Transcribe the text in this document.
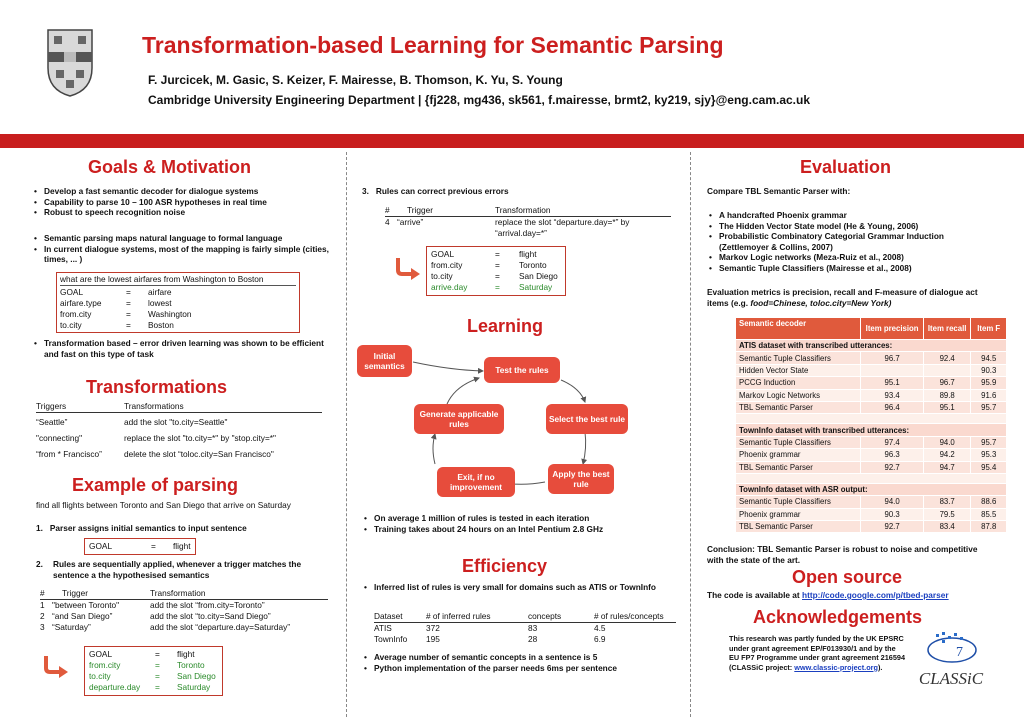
Transformation-based Learning for Semantic Parsing
F. Jurcicek, M. Gasic, S. Keizer, F. Mairesse, B. Thomson, K. Yu, S. Young
Cambridge University Engineering Department | {fj228, mg436, sk561, f.mairesse, brmt2, ky219, sjy}@eng.cam.ac.uk
Goals & Motivation
• Develop a fast semantic decoder for dialogue systems
• Capability to parse 10 – 100 ASR hypotheses in real time
• Robust to speech recognition noise
• Semantic parsing maps natural language to formal language
• In current dialogue systems, most of the mapping is fairly simple (cities, times, ... )
what are the lowest airfares from Washington to Boston
GOAL	=	airfare
airfare.type	=	lowest
from.city	=	Washington
to.city	=	Boston
• Transformation based – error driven learning was shown to be efficient and fast on this type of task
Transformations
Triggers	Transformations
“Seattle”	add the slot "to.city=Seattle"
"connecting"	replace the slot "to.city=*" by "stop.city=*"
“from * Francisco”	delete the slot “toloc.city=San Francisco"
Example of parsing
find all flights between Toronto and San Diego that arrive on Saturday
1. Parser assigns initial semantics to input sentence
GOAL	=	flight
2.	Rules are sequentially applied, whenever a trigger matches the sentence a the hypothesised semantics
#	Trigger	Transformation
1 "between Toronto"	add the slot “from.city=Toronto”
2 “and San Diego”	add the slot “to.city=Sand Diego”
3 “Saturday”	add the slot “departure.day=Saturday”
GOAL	=	flight
from.city	=	Toronto
to.city	=	San Diego
departure.day	=	Saturday
3. Rules can correct previous errors
#	Trigger	Transformation
4 “arrive”	replace the slot “departure.day=*” by “arrival.day=*”
GOAL	=	flight
from.city	=	Toronto
to.city	=	San Diego
arrive.day	=	Saturday
Learning
Initial semantics	Test the rules
Generate applicable rules	Select the best rule
Exit, if no improvement
Apply the best rule
• On average 1 million of rules is tested in each iteration
• Training takes about 24 hours on an Intel Pentium 2.8 GHz
Efficiency
• Inferred list of rules is very small for domains such as ATIS or TownInfo
Dataset	# of inferred rules	concepts	# of rules/concepts
ATIS	372	83	4.5
TownInfo	195	28	6.9
• Average number of semantic concepts in a sentence is 5
• Python implementation of the parser needs 6ms per sentence
Evaluation
Compare TBL Semantic Parser with:
• A handcrafted Phoenix grammar
• The Hidden Vector State model (He & Young, 2006)
• Probabilistic Combinatory Categorial Grammar Induction (Zettlemoyer & Collins, 2007)
• Markov Logic networks (Meza-Ruiz et al., 2008)
• Semantic Tuple Classifiers (Mairesse et al., 2008)
Evaluation metrics is precision, recall and F-measure of dialogue act items (e.g. food=Chinese, toloc.city=New York)
Semantic decoder	Item precision	Item recall	Item F
ATIS dataset with transcribed utterances:			
Semantic Tuple Classifiers	96.7	92.4	94.5
Hidden Vector State			90.3
PCCG Induction	95.1	96.7	95.9
Markov Logic Networks	93.4	89.8	91.6
TBL Semantic Parser	96.4	95.1	95.7

TownInfo dataset with transcribed utterances:			
Semantic Tuple Classifiers	97.4	94.0	95.7
Phoenix grammar	96.3	94.2	95.3
TBL Semantic Parser	92.7	94.7	95.4

TownInfo dataset with ASR output:			
Semantic Tuple Classifiers	94.0	83.7	88.6
Phoenix grammar	90.3	79.5	85.5
TBL Semantic Parser	92.7	83.4	87.8
Conclusion: TBL Semantic Parser is robust to noise and competitive with the state of the art.
Open source
The code is available at http://code.google.com/p/tbed-parser
Acknowledgements
This research was partly funded by the UK EPSRC under grant agreement EP/F013930/1 and by the EU FP7 Programme under grant agreement 216594 (CLASSiC project: www.classic-project.org).
7
CLASSiC
